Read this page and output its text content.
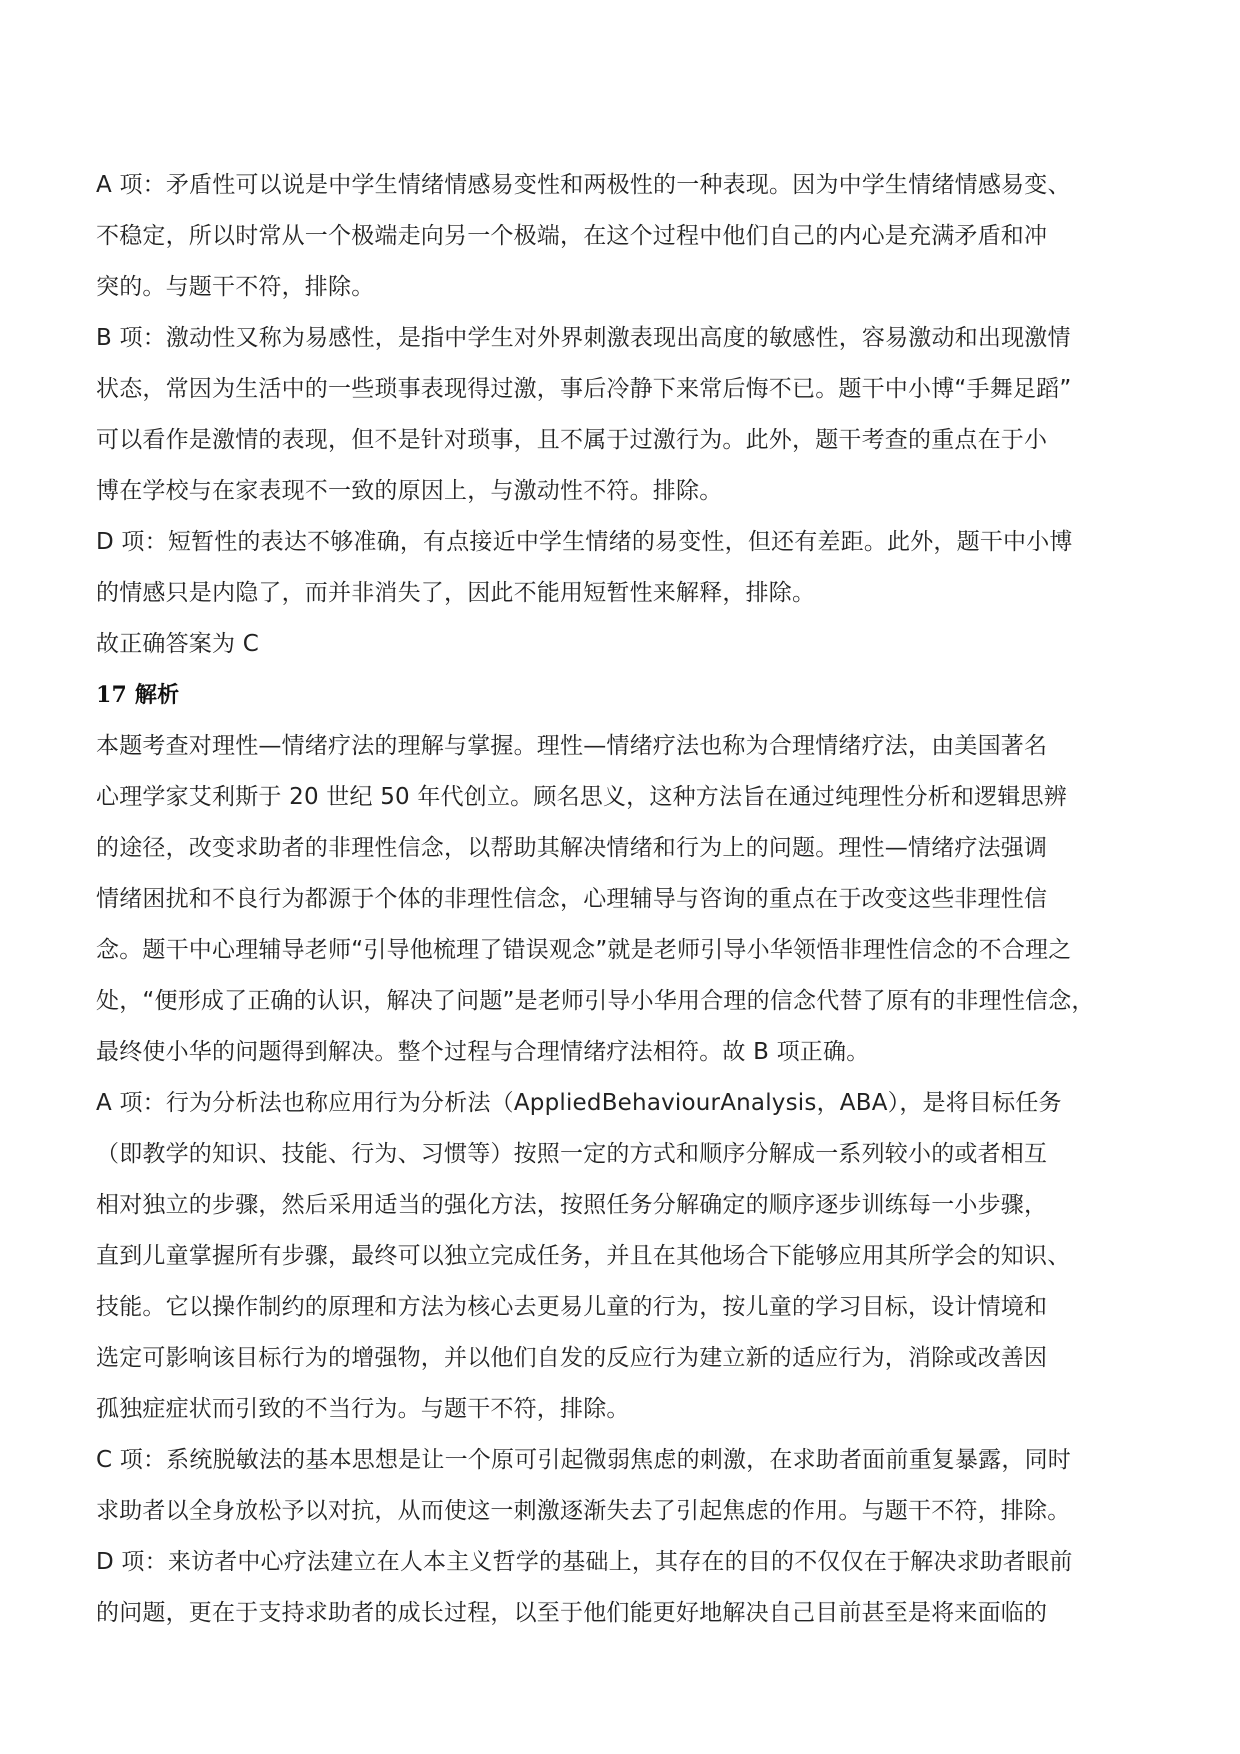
A 项：矛盾性可以说是中学生情绪情感易变性和两极性的一种表现。因为中学生情绪情感易变、
不稳定，所以时常从一个极端走向另一个极端，在这个过程中他们自己的内心是充满矛盾和冲
突的。与题干不符，排除。
B 项：激动性又称为易感性，是指中学生对外界刺激表现出高度的敏感性，容易激动和出现激情
状态，常因为生活中的一些琐事表现得过激，事后冷静下来常后悔不已。题干中小博“手舞足蹈”
可以看作是激情的表现，但不是针对琐事，且不属于过激行为。此外，题干考查的重点在于小
博在学校与在家表现不一致的原因上，与激动性不符。排除。
D 项：短暂性的表达不够准确，有点接近中学生情绪的易变性，但还有差距。此外，题干中小博
的情感只是内隐了，而并非消失了，因此不能用短暂性来解释，排除。
故正确答案为 C
17 解析
本题考查对理性—情绪疗法的理解与掌握。理性—情绪疗法也称为合理情绪疗法，由美国著名
心理学家艾利斯于 20 世纪 50 年代创立。顾名思义，这种方法旨在通过纯理性分析和逻辑思辨
的途径，改变求助者的非理性信念，以帮助其解决情绪和行为上的问题。理性—情绪疗法强调
情绪困扰和不良行为都源于个体的非理性信念，心理辅导与咨询的重点在于改变这些非理性信
念。题干中心理辅导老师“引导他梳理了错误观念”就是老师引导小华领悟非理性信念的不合理之
处，“便形成了正确的认识，解决了问题”是老师引导小华用合理的信念代替了原有的非理性信念，
最终使小华的问题得到解决。整个过程与合理情绪疗法相符。故 B 项正确。
A 项：行为分析法也称应用行为分析法（AppliedBehaviourAnalysis，ABA），是将目标任务
（即教学的知识、技能、行为、习惯等）按照一定的方式和顺序分解成一系列较小的或者相互
相对独立的步骤，然后采用适当的强化方法，按照任务分解确定的顺序逐步训练每一小步骤，
直到儿童掌握所有步骤，最终可以独立完成任务，并且在其他场合下能够应用其所学会的知识、
技能。它以操作制约的原理和方法为核心去更易儿童的行为，按儿童的学习目标，设计情境和
选定可影响该目标行为的增强物，并以他们自发的反应行为建立新的适应行为，消除或改善因
孤独症症状而引致的不当行为。与题干不符，排除。
C 项：系统脱敏法的基本思想是让一个原可引起微弱焦虑的刺激，在求助者面前重复暴露，同时
求助者以全身放松予以对抗，从而使这一刺激逐渐失去了引起焦虑的作用。与题干不符，排除。
D 项：来访者中心疗法建立在人本主义哲学的基础上，其存在的目的不仅仅在于解决求助者眼前
的问题，更在于支持求助者的成长过程，以至于他们能更好地解决自己目前甚至是将来面临的
